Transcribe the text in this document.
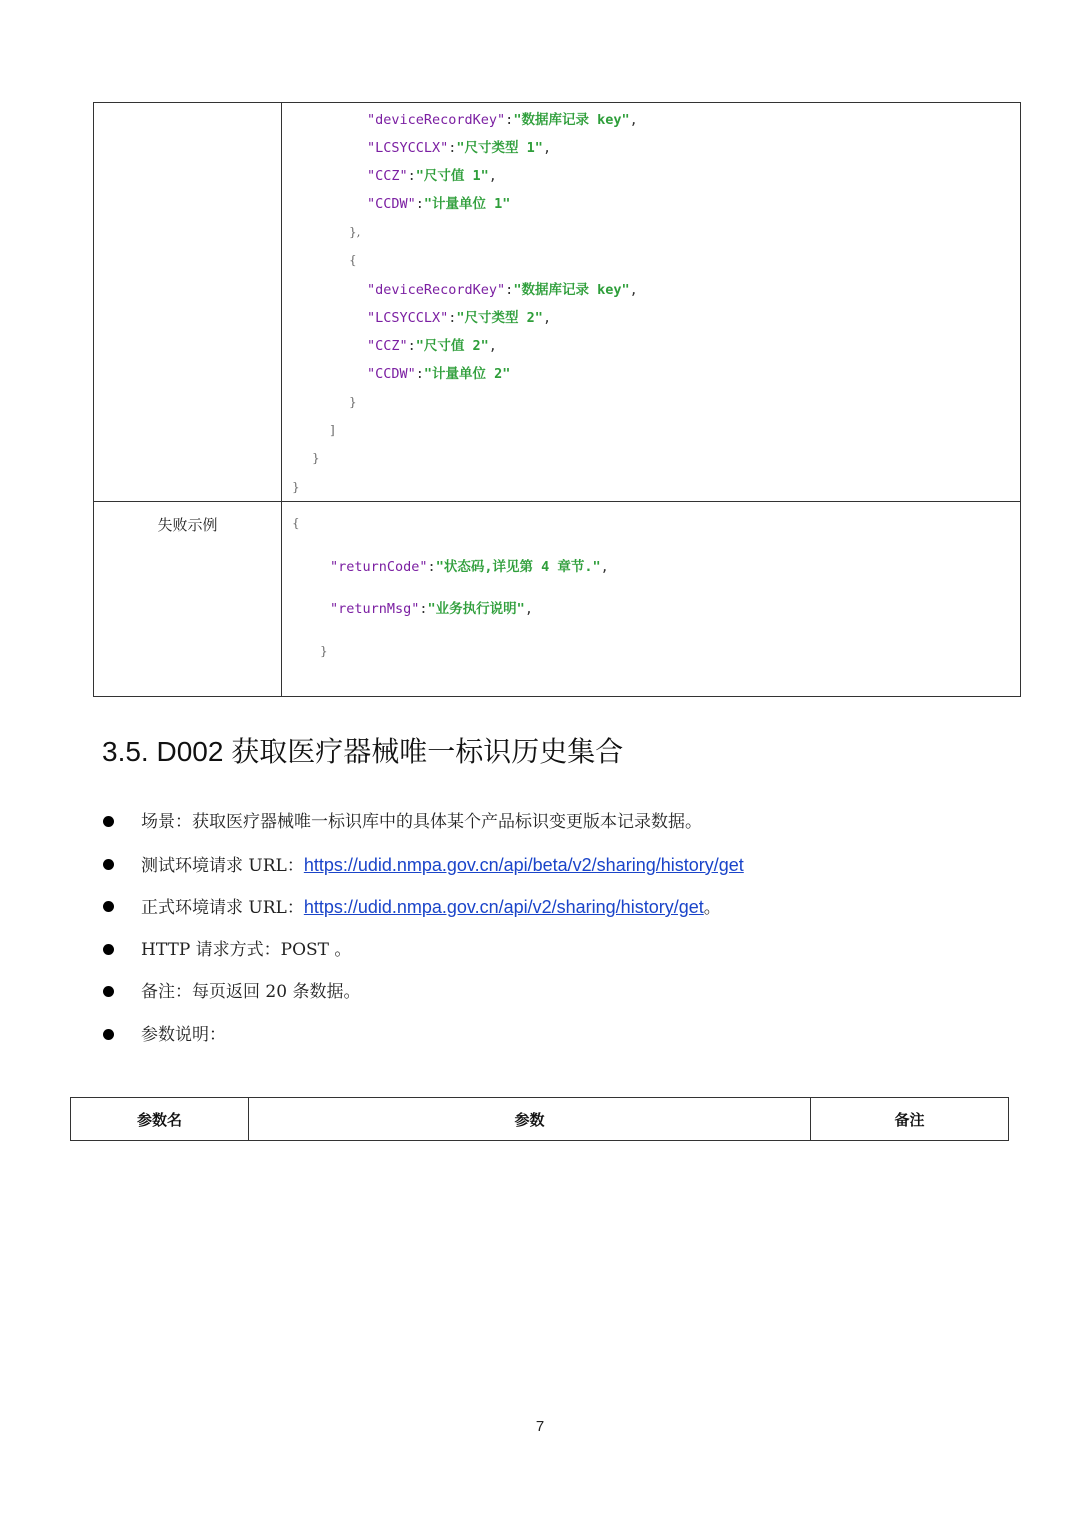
"deviceRecordKey":"数据库记录 key",
"LCSYCCLX":"尺寸类型 1",
"CCZ":"尺寸值 1",
"CCDW":"计量单位 1"
},
{
"deviceRecordKey":"数据库记录 key",
"LCSYCCLX":"尺寸类型 2",
"CCZ":"尺寸值 2",
"CCDW":"计量单位 2"
}
]
}
}
失败示例	{
"returnCode":"状态码,详见第 4 章节.",
"returnMsg":"业务执行说明",
}
3.5. D002 获取医疗器械唯一标识历史集合
场景：获取医疗器械唯一标识库中的具体某个产品标识变更版本记录数据。
测试环境请求 URL：https://udid.nmpa.gov.cn/api/beta/v2/sharing/history/get
正式环境请求 URL：https://udid.nmpa.gov.cn/api/v2/sharing/history/get。
HTTP 请求方式：POST 。
备注：每页返回 20 条数据。
参数说明：
参数名	参数	备注
7
